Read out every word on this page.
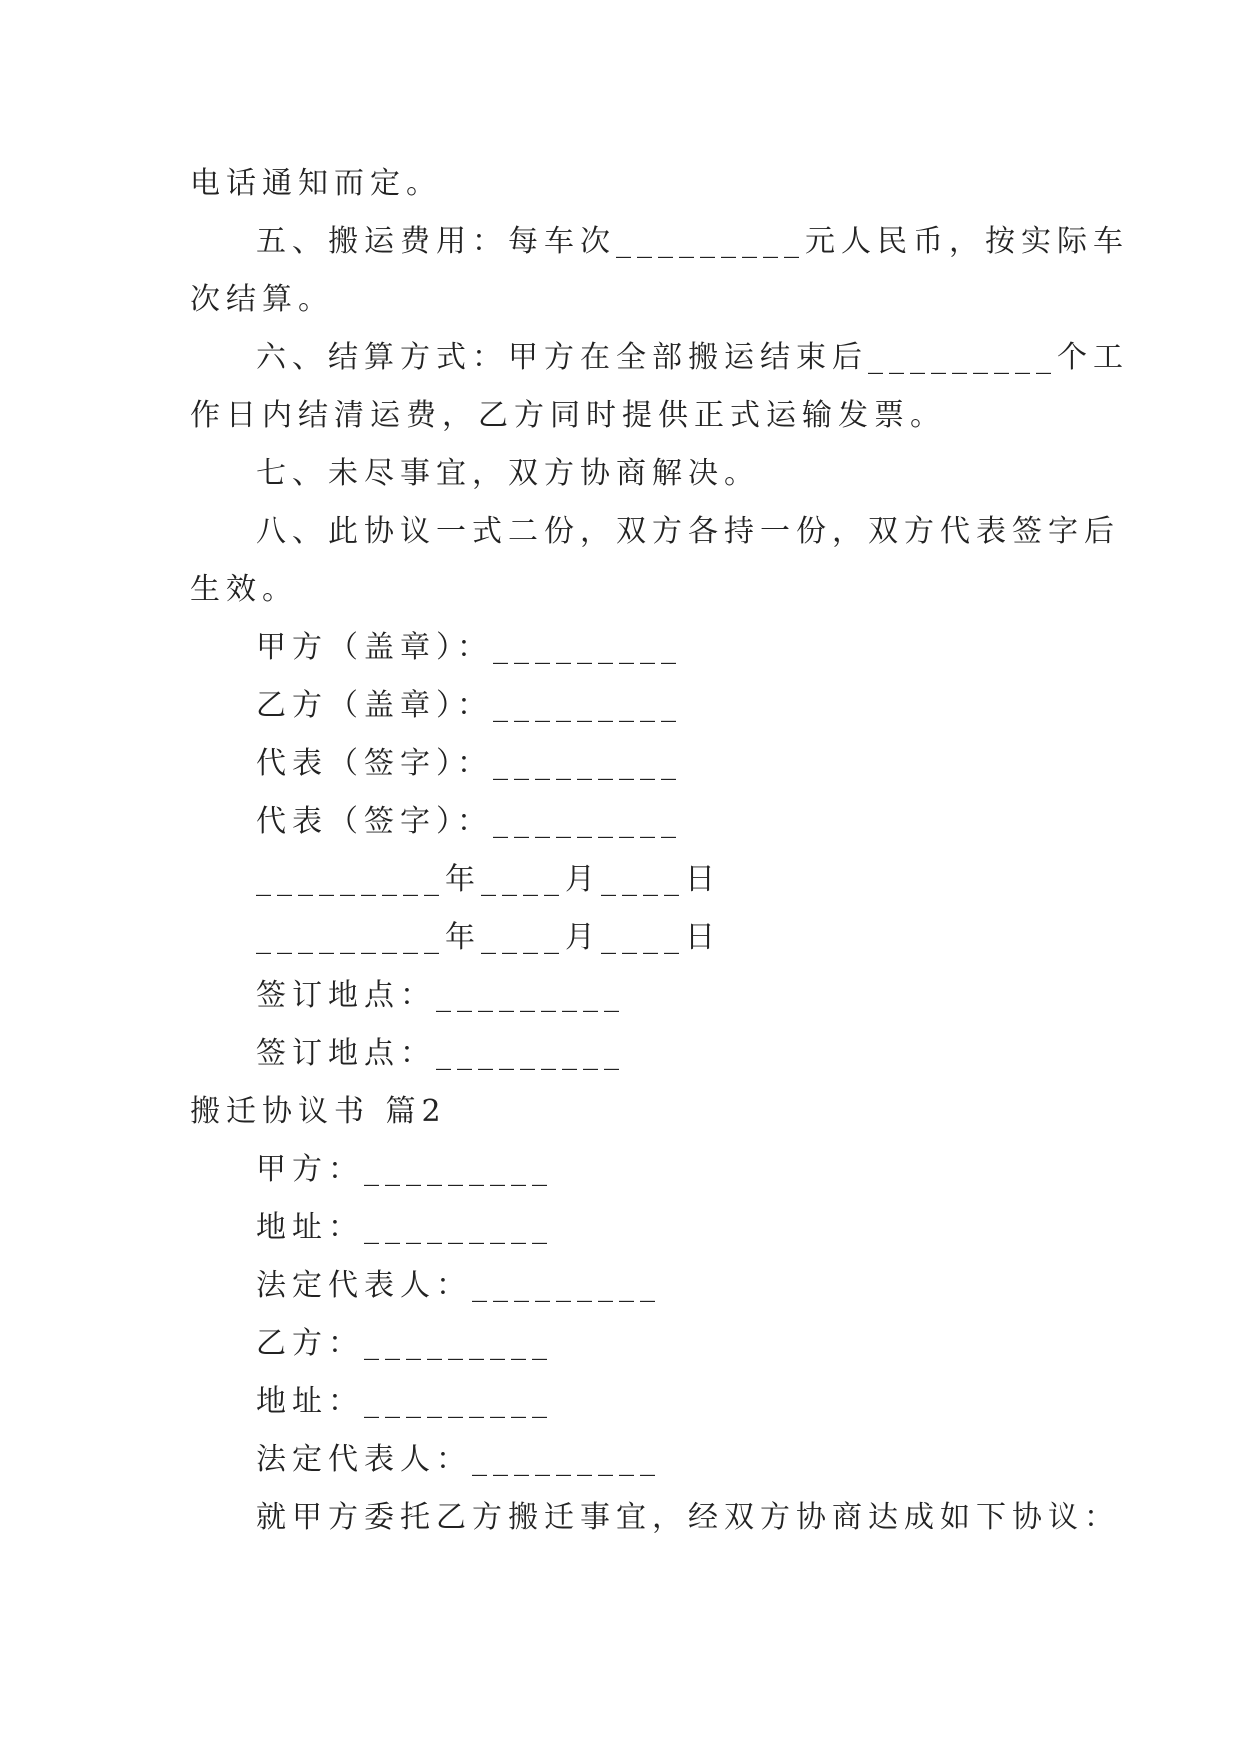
电话通知而定。
五、搬运费用：每车次_________元人民币，按实际车
次结算。
六、结算方式：甲方在全部搬运结束后_________个工
作日内结清运费，乙方同时提供正式运输发票。
七、未尽事宜，双方协商解决。
八、此协议一式二份，双方各持一份，双方代表签字后
生效。
甲方（盖章）：_________
乙方（盖章）：_________
代表（签字）：_________
代表（签字）：_________
_________年____月____日
_________年____月____日
签订地点：_________
签订地点：_________
搬迁协议书 篇2
甲方：_________
地址：_________
法定代表人：_________
乙方：_________
地址：_________
法定代表人：_________
就甲方委托乙方搬迁事宜，经双方协商达成如下协议：
